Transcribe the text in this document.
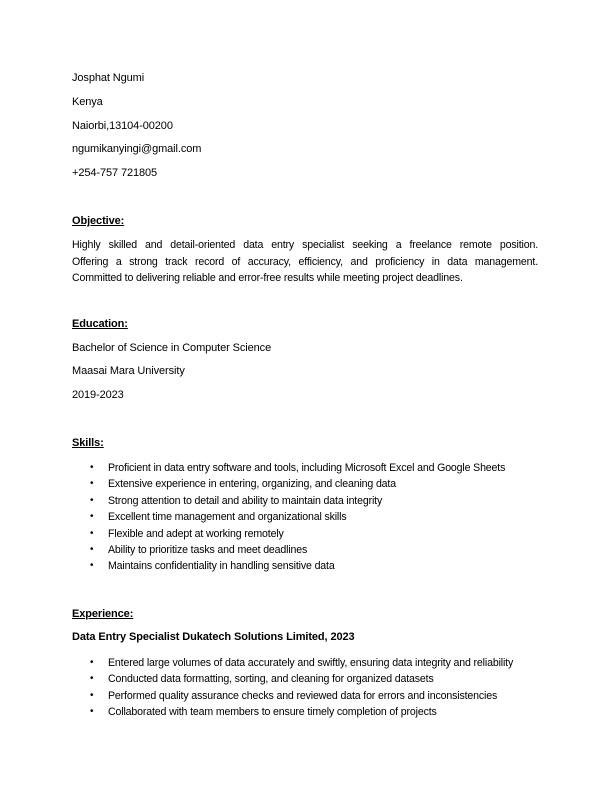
Josphat Ngumi
Kenya
Naiorbi,13104-00200
ngumikanyingi@gmail.com
+254-757 721805
Objective:
Highly skilled and detail-oriented data entry specialist seeking a freelance remote position.
Offering a strong track record of accuracy, efficiency, and proficiency in data management.
Committed to delivering reliable and error-free results while meeting project deadlines.
Education:
Bachelor of Science in Computer Science
Maasai Mara University
2019-2023
Skills:
• Proficient in data entry software and tools, including Microsoft Excel and Google Sheets
• Extensive experience in entering, organizing, and cleaning data
• Strong attention to detail and ability to maintain data integrity
• Excellent time management and organizational skills
• Flexible and adept at working remotely
• Ability to prioritize tasks and meet deadlines
• Maintains confidentiality in handling sensitive data
Experience:
Data Entry Specialist Dukatech Solutions Limited, 2023
• Entered large volumes of data accurately and swiftly, ensuring data integrity and reliability
• Conducted data formatting, sorting, and cleaning for organized datasets
• Performed quality assurance checks and reviewed data for errors and inconsistencies
• Collaborated with team members to ensure timely completion of projects
